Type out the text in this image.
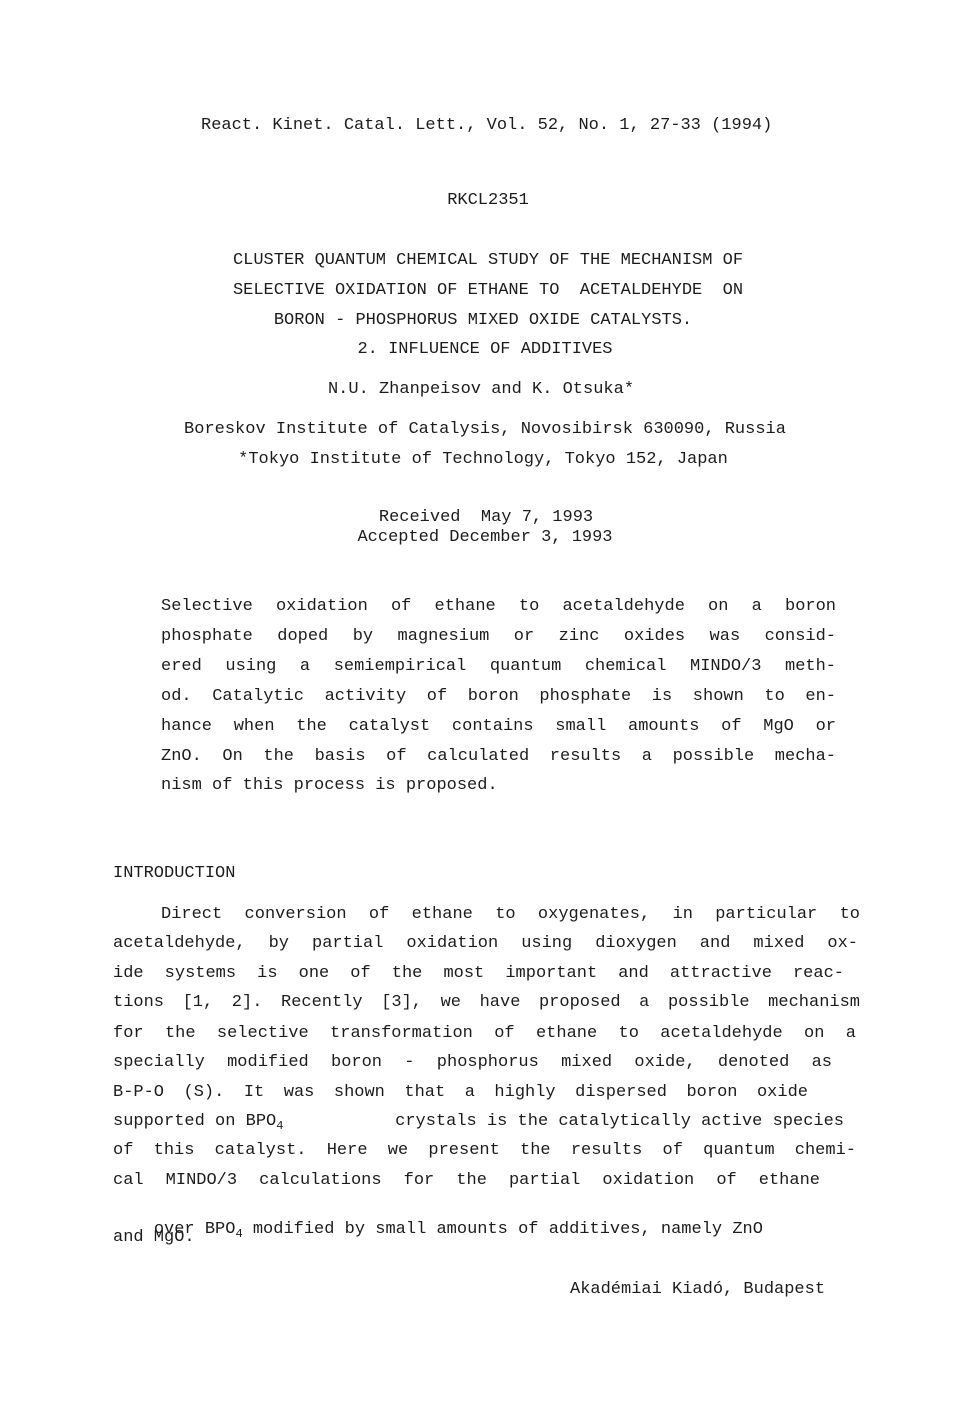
React. Kinet. Catal. Lett., Vol. 52, No. 1, 27-33 (1994)
RKCL2351
CLUSTER QUANTUM CHEMICAL STUDY OF THE MECHANISM OF
SELECTIVE OXIDATION OF ETHANE TO  ACETALDEHYDE  ON
BORON - PHOSPHORUS MIXED OXIDE CATALYSTS.
2. INFLUENCE OF ADDITIVES
N.U. Zhanpeisov and K. Otsuka*
Boreskov Institute of Catalysis, Novosibirsk 630090, Russia
*Tokyo Institute of Technology, Tokyo 152, Japan
Received  May 7, 1993
Accepted December 3, 1993
Selective oxidation of ethane to acetaldehyde on a boron
phosphate doped by magnesium or zinc oxides was consid-
ered using a semiempirical quantum chemical MINDO/3 meth-
od. Catalytic activity of boron phosphate is shown to en-
hance when the catalyst contains small amounts of MgO or
ZnO. On the basis of calculated results a possible mecha-
nism of this process is proposed.
INTRODUCTION
Direct conversion of ethane to oxygenates, in particular to
acetaldehyde, by partial oxidation using dioxygen and mixed ox-
ide systems is one of the most important and attractive reac-
tions [1, 2]. Recently [3], we have proposed a possible mechanism
for the selective transformation of ethane to acetaldehyde on a
specially modified boron - phosphorus mixed oxide, denoted as
B-P-O (S). It was shown that a highly dispersed boron oxide
supported on $BPO_4$	crystals is the catalytically active species
of this catalyst. Here we present the results of quantum chemi-
cal MINDO/3 calculations for the partial oxidation of ethane

over $BPO_4$ modified by small amounts of additives, namely ZnO

and MgO.
Akadémiai Kiadó, Budapest
